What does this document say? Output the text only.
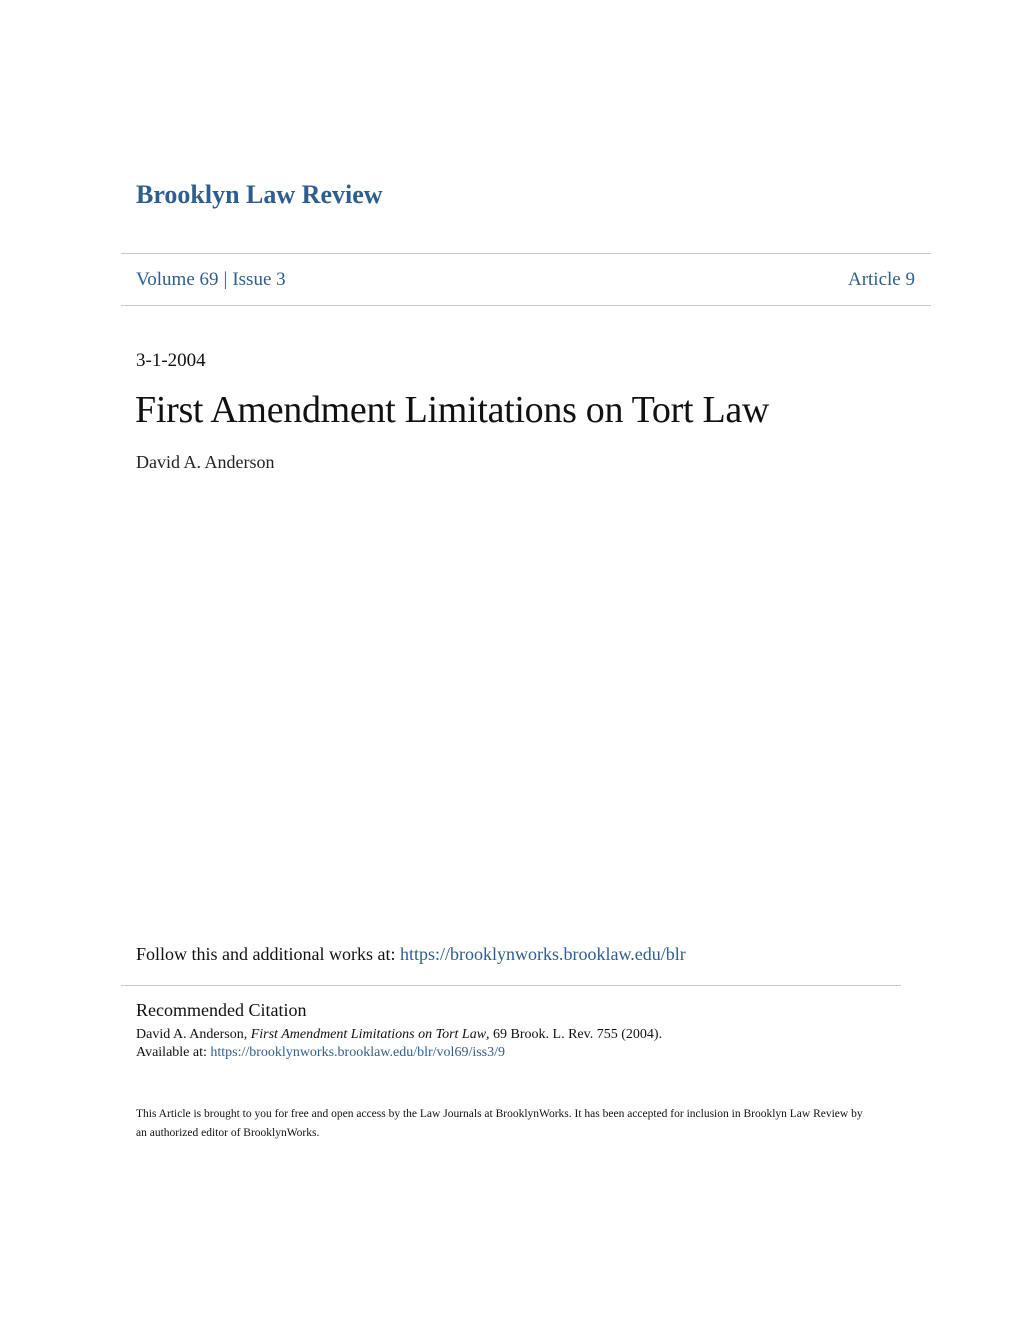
Brooklyn Law Review
Volume 69 | Issue 3	Article 9
3-1-2004
First Amendment Limitations on Tort Law
David A. Anderson
Follow this and additional works at: https://brooklynworks.brooklaw.edu/blr
Recommended Citation
David A. Anderson, First Amendment Limitations on Tort Law, 69 Brook. L. Rev. 755 (2004).
Available at: https://brooklynworks.brooklaw.edu/blr/vol69/iss3/9
This Article is brought to you for free and open access by the Law Journals at BrooklynWorks. It has been accepted for inclusion in Brooklyn Law Review by an authorized editor of BrooklynWorks.
